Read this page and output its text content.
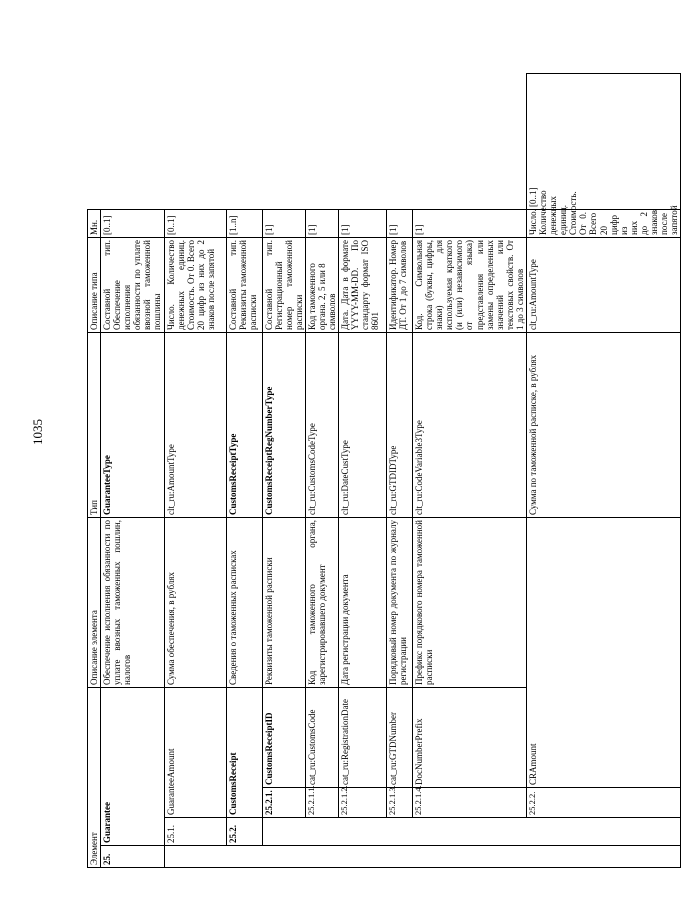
1035
Элемент				Описание элемента	Тип	Описание типа	Мн.	
25.	Guarantee			Обеспечение исполнения обязанности по уплате ввозных таможенных пошлин, налогов	GuaranteeType	Составной тип. Обеспечение исполнения обязанности по уплате ввозной таможенной пошлины	[0..1]	
	25.1.	GuaranteeAmount		Сумма обеспечения, в рублях	clt_ru:AmountType	Число. Количество денежных единиц. Стоимость. От 0. Всего 20 цифр из них до 2 знаков после запятой	[0..1]	
	25.2.	CustomsReceipt		Сведения о таможенных расписках	CustomsReceiptType	Составной тип. Реквизиты таможенной расписки	[1..n]	
		25.2.1.	CustomsReceiptID	Реквизиты таможенной расписки	CustomsReceiptRegNumberType	Составной тип. Регистрационный номер таможенной расписки	[1]	
		25.2.1.1.	cat_ru:CustomsCode	Код таможенного органа, зарегистрировавшего документ	clt_ru:CustomsCodeType	Код таможенного органа. 2, 5 или 8 символов	[1]	
		25.2.1.2.	cat_ru:RegistrationDate	Дата регистрации документа	clt_ru:DateCustType	Дата. Дата в формате YYYY-MM-DD. По стандарту формат ISO 8601	[1]	
		25.2.1.3.	cat_ru:GTDNumber	Порядковый номер документа по журналу регистрации	clt_ru:GTDIDType	Идентификатор. Номер ДТ. От 1 до 7 символов	[1]	
		25.2.1.4.	DocNumberPrefix	Префикс порядкового номера таможенной расписки	clt_ru:CodeVariable3Type	Код. Символьная строка (буквы, цифры, знаки) для используемая краткого (и (или) независимого от языка) представления или замены определенных значений или текстовых свойств. От 1 до 3 символов	[1]	
		25.2.2.	CRAmount		Сумма по таможенной расписке, в рублях	clt_ru:AmountType	Число. Количество денежных единиц. Стоимость. От 0. Всего 20 цифр из них до 2 знаков после запятой	[0..1]
